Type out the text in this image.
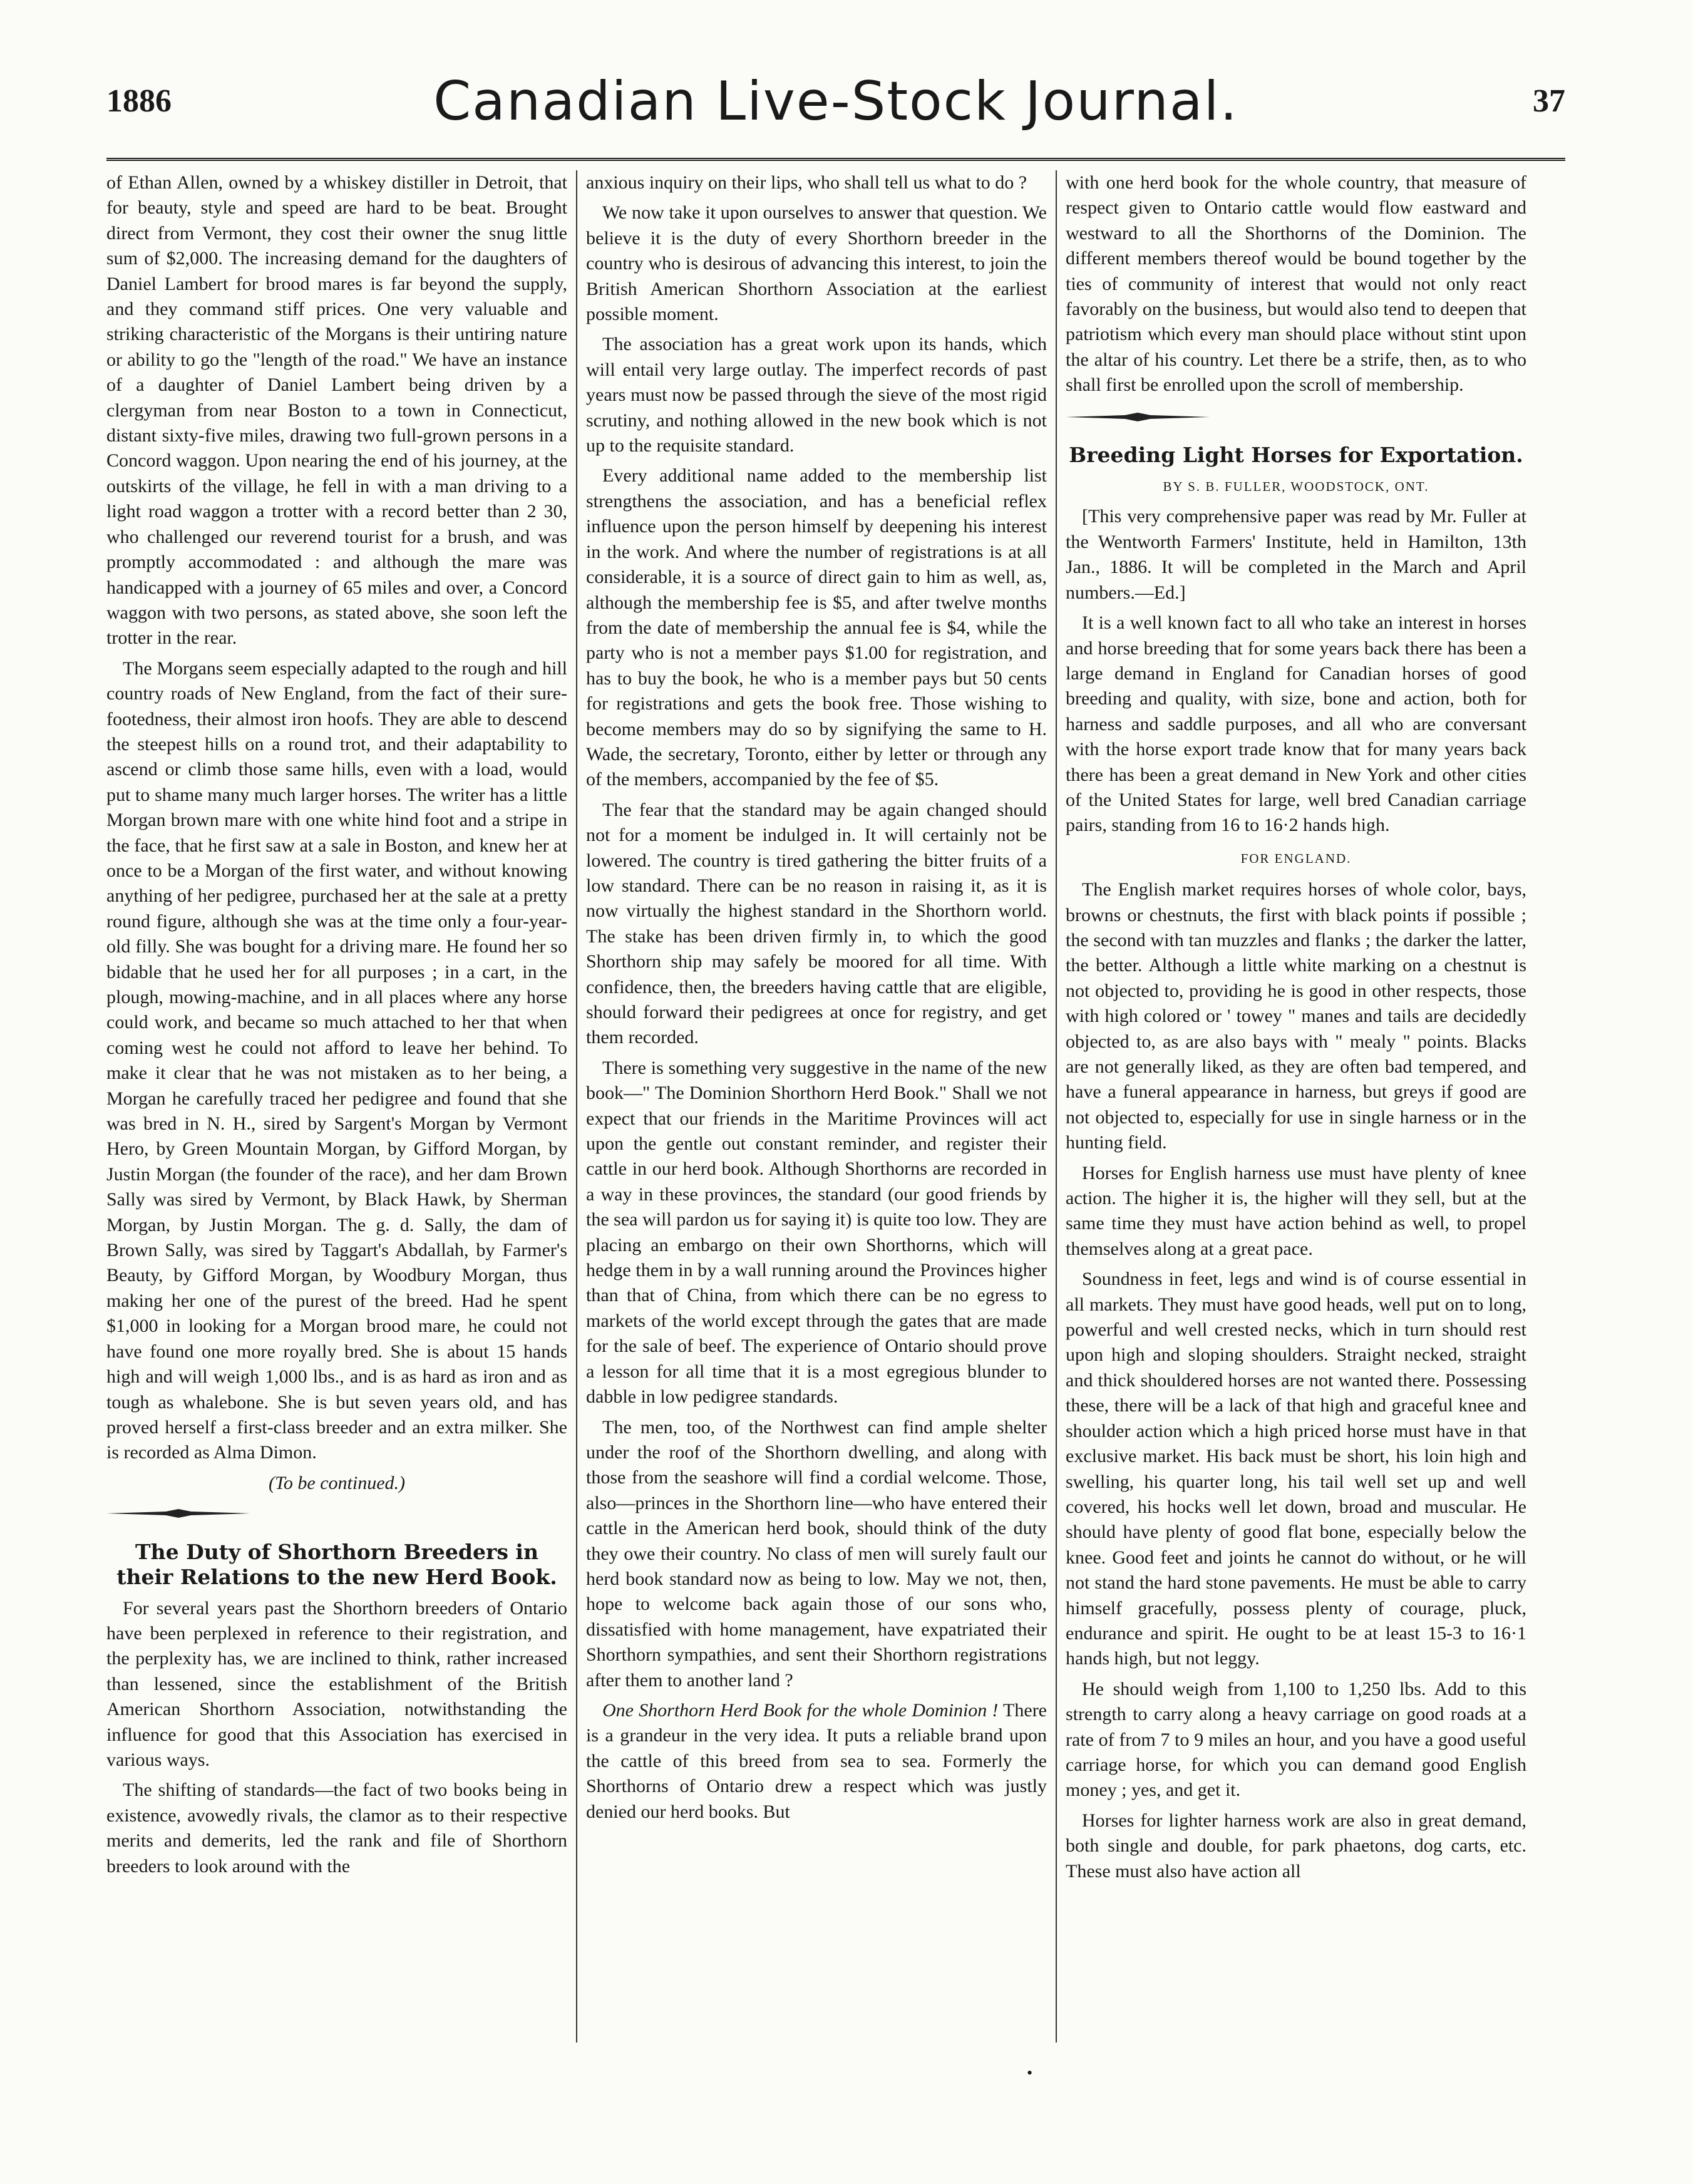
1886	Canadian Live-Stock Journal.	37

of Ethan Allen, owned by a whiskey distiller in Detroit, that for beauty, style and speed are hard to be beat. Brought direct from Vermont, they cost their owner the snug little sum of $2,000. The increasing demand for the daughters of Daniel Lambert for brood mares is far beyond the supply, and they command stiff prices. One very valuable and striking characteristic of the Morgans is their untiring nature or ability to go the "length of the road." We have an instance of a daughter of Daniel Lambert being driven by a clergyman from near Boston to a town in Connecticut, distant sixty-five miles, drawing two full-grown persons in a Concord waggon. Upon nearing the end of his journey, at the outskirts of the village, he fell in with a man driving to a light road waggon a trotter with a record better than 2 30, who challenged our reverend tourist for a brush, and was promptly accommodated : and although the mare was handicapped with a journey of 65 miles and over, a Concord waggon with two persons, as stated above, she soon left the trotter in the rear.

The Morgans seem especially adapted to the rough and hill country roads of New England, from the fact of their sure-footedness, their almost iron hoofs. They are able to descend the steepest hills on a round trot, and their adaptability to ascend or climb those same hills, even with a load, would put to shame many much larger horses. The writer has a little Morgan brown mare with one white hind foot and a stripe in the face, that he first saw at a sale in Boston, and knew her at once to be a Morgan of the first water, and without knowing anything of her pedigree, purchased her at the sale at a pretty round figure, although she was at the time only a four-year-old filly. She was bought for a driving mare. He found her so bidable that he used her for all purposes ; in a cart, in the plough, mowing-machine, and in all places where any horse could work, and became so much attached to her that when coming west he could not afford to leave her behind. To make it clear that he was not mistaken as to her being, a Morgan he carefully traced her pedigree and found that she was bred in N. H., sired by Sargent's Morgan by Vermont Hero, by Green Mountain Morgan, by Gifford Morgan, by Justin Morgan (the founder of the race), and her dam Brown Sally was sired by Vermont, by Black Hawk, by Sherman Morgan, by Justin Morgan. The g. d. Sally, the dam of Brown Sally, was sired by Taggart's Abdallah, by Farmer's Beauty, by Gifford Morgan, by Woodbury Morgan, thus making her one of the purest of the breed. Had he spent $1,000 in looking for a Morgan brood mare, he could not have found one more royally bred. She is about 15 hands high and will weigh 1,000 lbs., and is as hard as iron and as tough as whalebone. She is but seven years old, and has proved herself a first-class breeder and an extra milker. She is recorded as Alma Dimon.

(To be continued.)
The Duty of Shorthorn Breeders in their Relations to the new Herd Book.

For several years past the Shorthorn breeders of Ontario have been perplexed in reference to their registration, and the perplexity has, we are inclined to think, rather increased than lessened, since the establishment of the British American Shorthorn Association, notwithstanding the influence for good that this Association has exercised in various ways.

The shifting of standards—the fact of two books being in existence, avowedly rivals, the clamor as to their respective merits and demerits, led the rank and file of Shorthorn breeders to look around with the

anxious inquiry on their lips, who shall tell us what to do ?

We now take it upon ourselves to answer that question. We believe it is the duty of every Shorthorn breeder in the country who is desirous of advancing this interest, to join the British American Shorthorn Association at the earliest possible moment.

The association has a great work upon its hands, which will entail very large outlay. The imperfect records of past years must now be passed through the sieve of the most rigid scrutiny, and nothing allowed in the new book which is not up to the requisite standard.

Every additional name added to the membership list strengthens the association, and has a beneficial reflex influence upon the person himself by deepening his interest in the work. And where the number of registrations is at all considerable, it is a source of direct gain to him as well, as, although the membership fee is $5, and after twelve months from the date of membership the annual fee is $4, while the party who is not a member pays $1.00 for registration, and has to buy the book, he who is a member pays but 50 cents for registrations and gets the book free. Those wishing to become members may do so by signifying the same to H. Wade, the secretary, Toronto, either by letter or through any of the members, accompanied by the fee of $5.

The fear that the standard may be again changed should not for a moment be indulged in. It will certainly not be lowered. The country is tired gathering the bitter fruits of a low standard. There can be no reason in raising it, as it is now virtually the highest standard in the Shorthorn world. The stake has been driven firmly in, to which the good Shorthorn ship may safely be moored for all time. With confidence, then, the breeders having cattle that are eligible, should forward their pedigrees at once for registry, and get them recorded.

There is something very suggestive in the name of the new book—" The Dominion Shorthorn Herd Book." Shall we not expect that our friends in the Maritime Provinces will act upon the gentle out constant reminder, and register their cattle in our herd book. Although Shorthorns are recorded in a way in these provinces, the standard (our good friends by the sea will pardon us for saying it) is quite too low. They are placing an embargo on their own Shorthorns, which will hedge them in by a wall running around the Provinces higher than that of China, from which there can be no egress to markets of the world except through the gates that are made for the sale of beef. The experience of Ontario should prove a lesson for all time that it is a most egregious blunder to dabble in low pedigree standards.

The men, too, of the Northwest can find ample shelter under the roof of the Shorthorn dwelling, and along with those from the seashore will find a cordial welcome. Those, also—princes in the Shorthorn line—who have entered their cattle in the American herd book, should think of the duty they owe their country. No class of men will surely fault our herd book standard now as being to low. May we not, then, hope to welcome back again those of our sons who, dissatisfied with home management, have expatriated their Shorthorn sympathies, and sent their Shorthorn registrations after them to another land ?

One Shorthorn Herd Book for the whole Dominion ! There is a grandeur in the very idea. It puts a reliable brand upon the cattle of this breed from sea to sea. Formerly the Shorthorns of Ontario drew a respect which was justly denied our herd books. But

with one herd book for the whole country, that measure of respect given to Ontario cattle would flow eastward and westward to all the Shorthorns of the Dominion. The different members thereof would be bound together by the ties of community of interest that would not only react favorably on the business, but would also tend to deepen that patriotism which every man should place without stint upon the altar of his country. Let there be a strife, then, as to who shall first be enrolled upon the scroll of membership.

Breeding Light Horses for Exportation.
BY S. B. FULLER, WOODSTOCK, ONT.

[This very comprehensive paper was read by Mr. Fuller at the Wentworth Farmers' Institute, held in Hamilton, 13th Jan., 1886. It will be completed in the March and April numbers.—Ed.]

It is a well known fact to all who take an interest in horses and horse breeding that for some years back there has been a large demand in England for Canadian horses of good breeding and quality, with size, bone and action, both for harness and saddle purposes, and all who are conversant with the horse export trade know that for many years back there has been a great demand in New York and other cities of the United States for large, well bred Canadian carriage pairs, standing from 16 to 16·2 hands high.

FOR ENGLAND.

The English market requires horses of whole color, bays, browns or chestnuts, the first with black points if possible ; the second with tan muzzles and flanks ; the darker the latter, the better. Although a little white marking on a chestnut is not objected to, providing he is good in other respects, those with high colored or ' towey " manes and tails are decidedly objected to, as are also bays with " mealy " points. Blacks are not generally liked, as they are often bad tempered, and have a funeral appearance in harness, but greys if good are not objected to, especially for use in single harness or in the hunting field.

Horses for English harness use must have plenty of knee action. The higher it is, the higher will they sell, but at the same time they must have action behind as well, to propel themselves along at a great pace.

Soundness in feet, legs and wind is of course essential in all markets. They must have good heads, well put on to long, powerful and well crested necks, which in turn should rest upon high and sloping shoulders. Straight necked, straight and thick shouldered horses are not wanted there. Possessing these, there will be a lack of that high and graceful knee and shoulder action which a high priced horse must have in that exclusive market. His back must be short, his loin high and swelling, his quarter long, his tail well set up and well covered, his hocks well let down, broad and muscular. He should have plenty of good flat bone, especially below the knee. Good feet and joints he cannot do without, or he will not stand the hard stone pavements. He must be able to carry himself gracefully, possess plenty of courage, pluck, endurance and spirit. He ought to be at least 15-3 to 16·1 hands high, but not leggy.

He should weigh from 1,100 to 1,250 lbs. Add to this strength to carry along a heavy carriage on good roads at a rate of from 7 to 9 miles an hour, and you have a good useful carriage horse, for which you can demand good English money ; yes, and get it.

Horses for lighter harness work are also in great demand, both single and double, for park phaetons, dog carts, etc. These must also have action all

•
